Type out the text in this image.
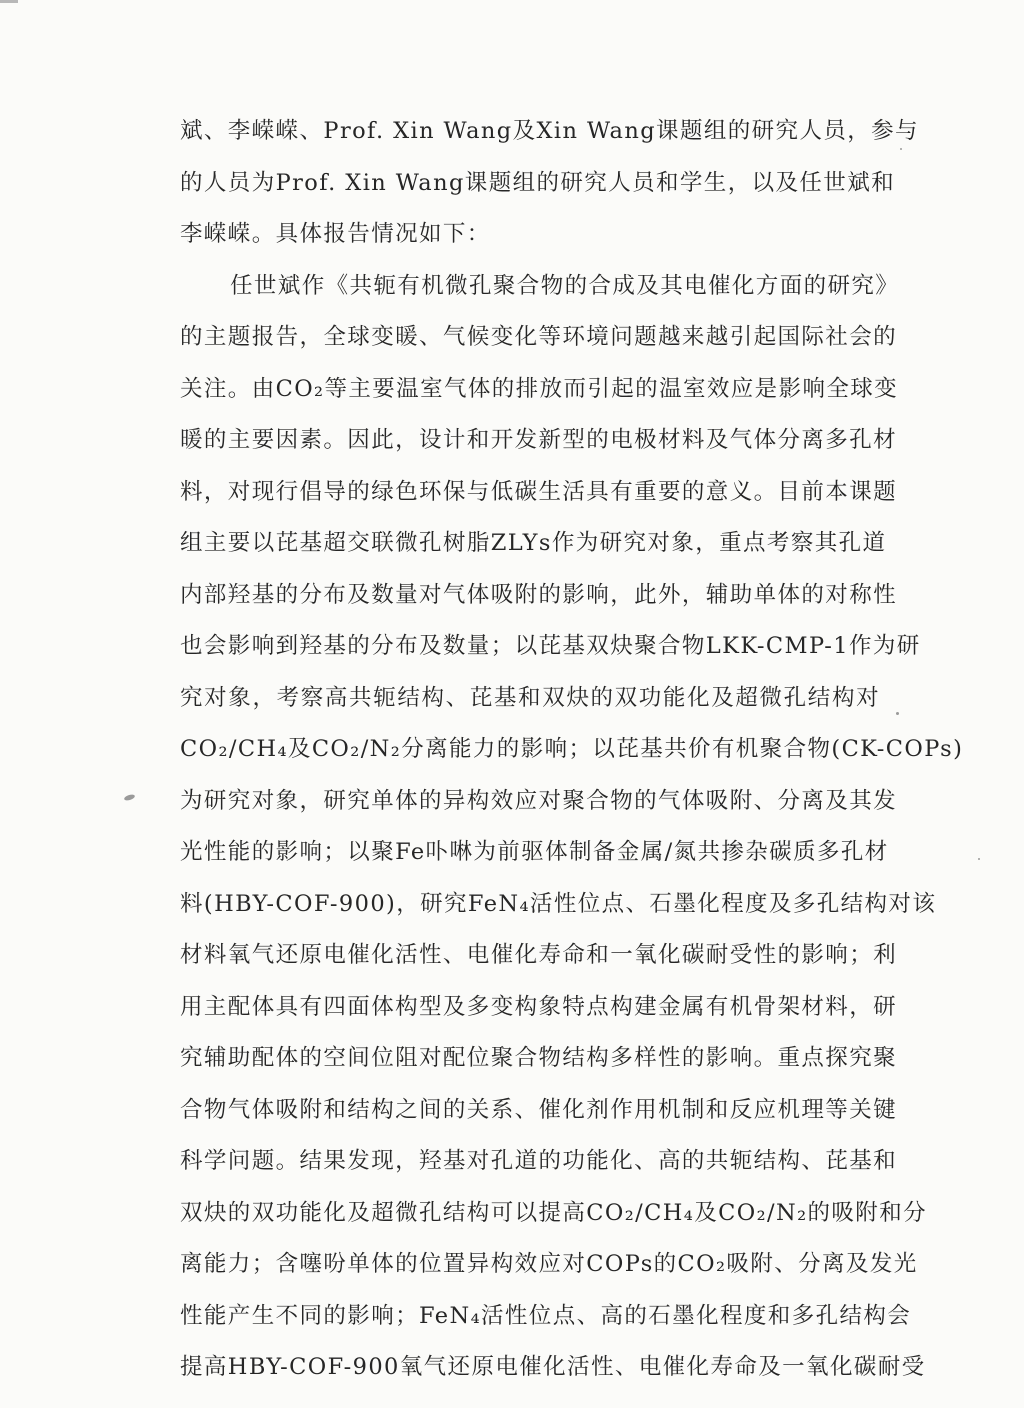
斌、李嵘嵘、Prof. Xin Wang及Xin Wang课题组的研究人员，参与
的人员为Prof. Xin Wang课题组的研究人员和学生，以及任世斌和
李嵘嵘。具体报告情况如下：
任世斌作《共轭有机微孔聚合物的合成及其电催化方面的研究》
的主题报告，全球变暖、气候变化等环境问题越来越引起国际社会的
关注。由CO₂等主要温室气体的排放而引起的温室效应是影响全球变
暖的主要因素。因此，设计和开发新型的电极材料及气体分离多孔材
料，对现行倡导的绿色环保与低碳生活具有重要的意义。目前本课题
组主要以芘基超交联微孔树脂ZLYs作为研究对象，重点考察其孔道
内部羟基的分布及数量对气体吸附的影响，此外，辅助单体的对称性
也会影响到羟基的分布及数量；以芘基双炔聚合物LKK-CMP-1作为研
究对象，考察高共轭结构、芘基和双炔的双功能化及超微孔结构对
CO₂/CH₄及CO₂/N₂分离能力的影响；以芘基共价有机聚合物(CK-COPs)
为研究对象，研究单体的异构效应对聚合物的气体吸附、分离及其发
光性能的影响；以聚Fe卟啉为前驱体制备金属/氮共掺杂碳质多孔材
料(HBY-COF-900)，研究FeN₄活性位点、石墨化程度及多孔结构对该
材料氧气还原电催化活性、电催化寿命和一氧化碳耐受性的影响；利
用主配体具有四面体构型及多变构象特点构建金属有机骨架材料，研
究辅助配体的空间位阻对配位聚合物结构多样性的影响。重点探究聚
合物气体吸附和结构之间的关系、催化剂作用机制和反应机理等关键
科学问题。结果发现，羟基对孔道的功能化、高的共轭结构、芘基和
双炔的双功能化及超微孔结构可以提高CO₂/CH₄及CO₂/N₂的吸附和分
离能力；含噻吩单体的位置异构效应对COPs的CO₂吸附、分离及发光
性能产生不同的影响；FeN₄活性位点、高的石墨化程度和多孔结构会
提高HBY-COF-900氧气还原电催化活性、电催化寿命及一氧化碳耐受
